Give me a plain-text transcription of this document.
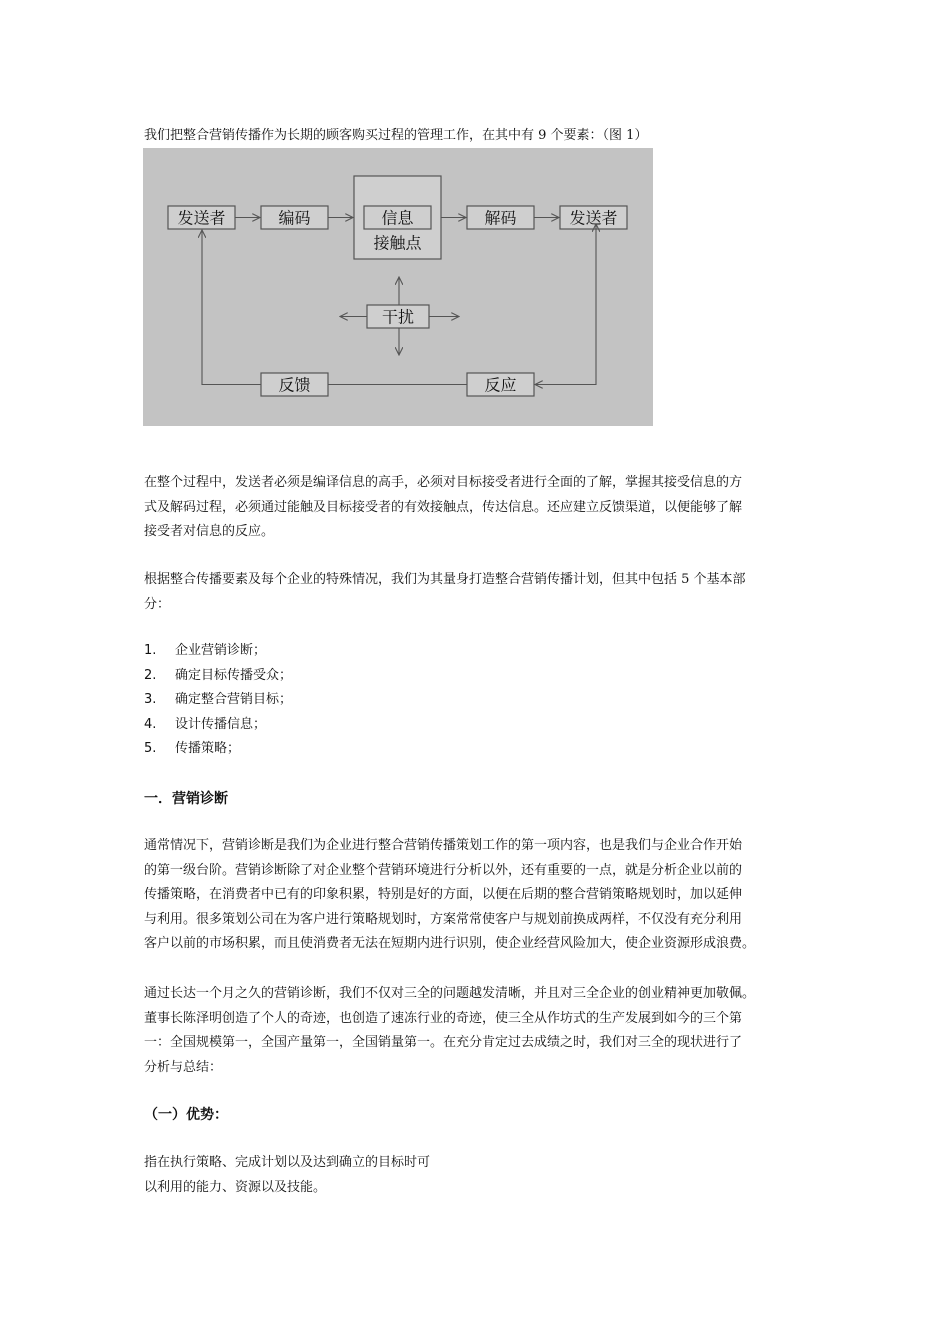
我们把整合营销传播作为长期的顾客购买过程的管理工作，在其中有 9 个要素：（图 1）

发送者	编码	信息
接触点
解码	发送者
干扰
反馈	反应
在整个过程中，发送者必须是编译信息的高手，必须对目标接受者进行全面的了解，掌握其接受信息的方
式及解码过程，必须通过能触及目标接受者的有效接触点，传达信息。还应建立反馈渠道，以便能够了解
接受者对信息的反应。
根据整合传播要素及每个企业的特殊情况，我们为其量身打造整合营销传播计划，但其中包括 5 个基本部
分：
1. 企业营销诊断；
2. 确定目标传播受众；
3. 确定整合营销目标；
4. 设计传播信息；
5. 传播策略；

一．营销诊断

通常情况下，营销诊断是我们为企业进行整合营销传播策划工作的第一项内容，也是我们与企业合作开始
的第一级台阶。营销诊断除了对企业整个营销环境进行分析以外，还有重要的一点，就是分析企业以前的
传播策略，在消费者中已有的印象积累，特别是好的方面，以便在后期的整合营销策略规划时，加以延伸
与利用。很多策划公司在为客户进行策略规划时，方案常常使客户与规划前换成两样，不仅没有充分利用
客户以前的市场积累，而且使消费者无法在短期内进行识别，使企业经营风险加大，使企业资源形成浪费。
通过长达一个月之久的营销诊断，我们不仅对三全的问题越发清晰，并且对三全企业的创业精神更加敬佩。
董事长陈泽明创造了个人的奇迹，也创造了速冻行业的奇迹，使三全从作坊式的生产发展到如今的三个第
一：全国规模第一，全国产量第一，全国销量第一。在充分肯定过去成绩之时，我们对三全的现状进行了
分析与总结：

（一）优势：

指在执行策略、完成计划以及达到确立的目标时可
以利用的能力、资源以及技能。
